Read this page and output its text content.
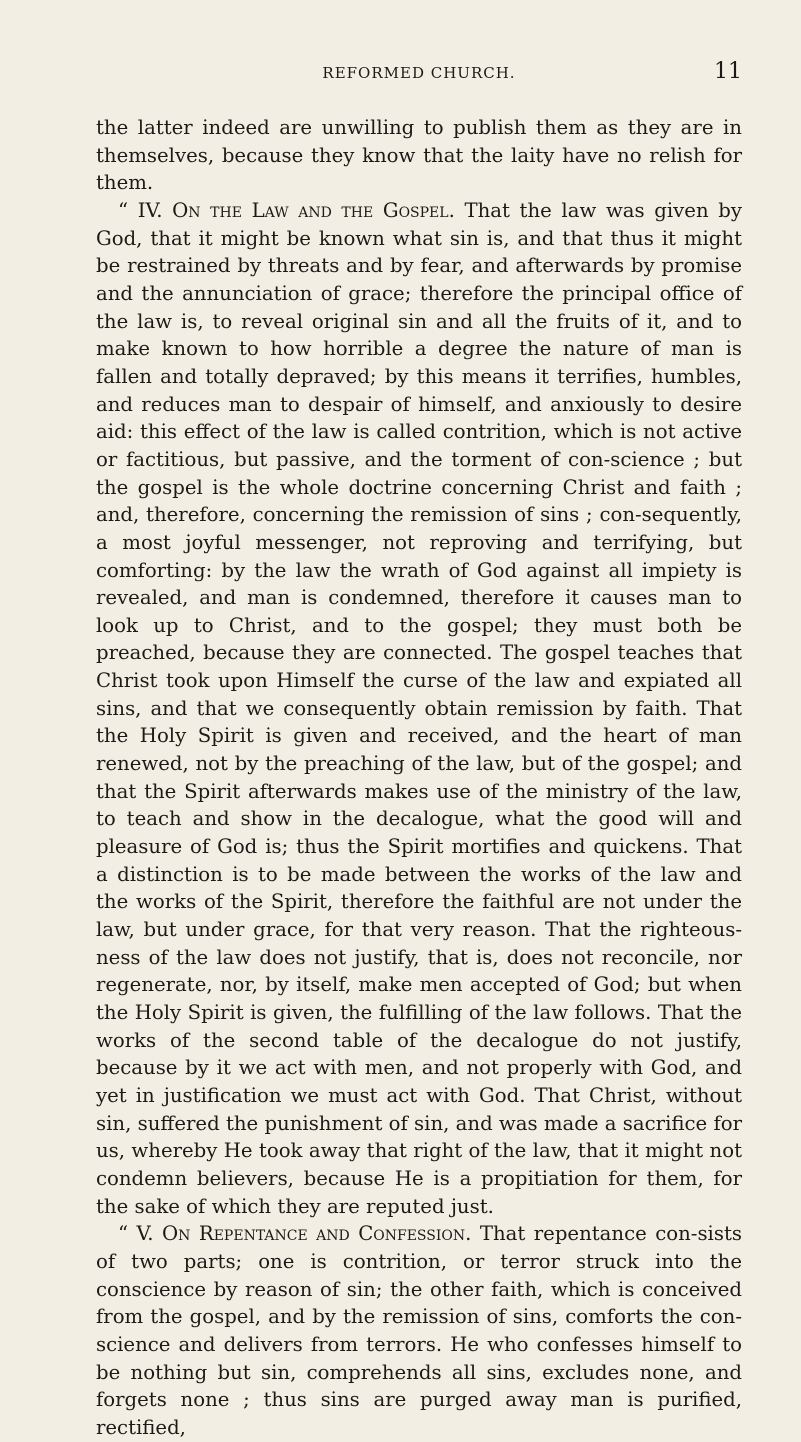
REFORMED CHURCH.	11

the latter indeed are unwilling to publish them as they are in themselves, because they know that the laity have no relish for them.

“ IV. On the Law and the Gospel. That the law was given by God, that it might be known what sin is, and that thus it might be restrained by threats and by fear, and afterwards by promise and the annunciation of grace; therefore the principal office of the law is, to reveal original sin and all the fruits of it, and to make known to how horrible a degree the nature of man is fallen and totally depraved; by this means it terrifies, humbles, and reduces man to despair of himself, and anxiously to desire aid: this effect of the law is called contrition, which is not active or factitious, but passive, and the torment of con-science ; but the gospel is the whole doctrine concerning Christ and faith ; and, therefore, concerning the remission of sins ; con-sequently, a most joyful messenger, not reproving and terrifying, but comforting: by the law the wrath of God against all impiety is revealed, and man is condemned, therefore it causes man to look up to Christ, and to the gospel; they must both be preached, because they are connected. The gospel teaches that Christ took upon Himself the curse of the law and expiated all sins, and that we consequently obtain remission by faith. That the Holy Spirit is given and received, and the heart of man renewed, not by the preaching of the law, but of the gospel; and that the Spirit afterwards makes use of the ministry of the law, to teach and show in the decalogue, what the good will and pleasure of God is; thus the Spirit mortifies and quickens. That a distinction is to be made between the works of the law and the works of the Spirit, therefore the faithful are not under the law, but under grace, for that very reason. That the righteous-ness of the law does not justify, that is, does not reconcile, nor regenerate, nor, by itself, make men accepted of God; but when the Holy Spirit is given, the fulfilling of the law follows. That the works of the second table of the decalogue do not justify, because by it we act with men, and not properly with God, and yet in justification we must act with God. That Christ, without sin, suffered the punishment of sin, and was made a sacrifice for us, whereby He took away that right of the law, that it might not condemn believers, because He is a propitiation for them, for the sake of which they are reputed just.

“ V. On Repentance and Confession. That repentance con-sists of two parts; one is contrition, or terror struck into the conscience by reason of sin; the other faith, which is conceived from the gospel, and by the remission of sins, comforts the con-science and delivers from terrors. He who confesses himself to be nothing but sin, comprehends all sins, excludes none, and forgets none ; thus sins are purged away man is purified, rectified,
